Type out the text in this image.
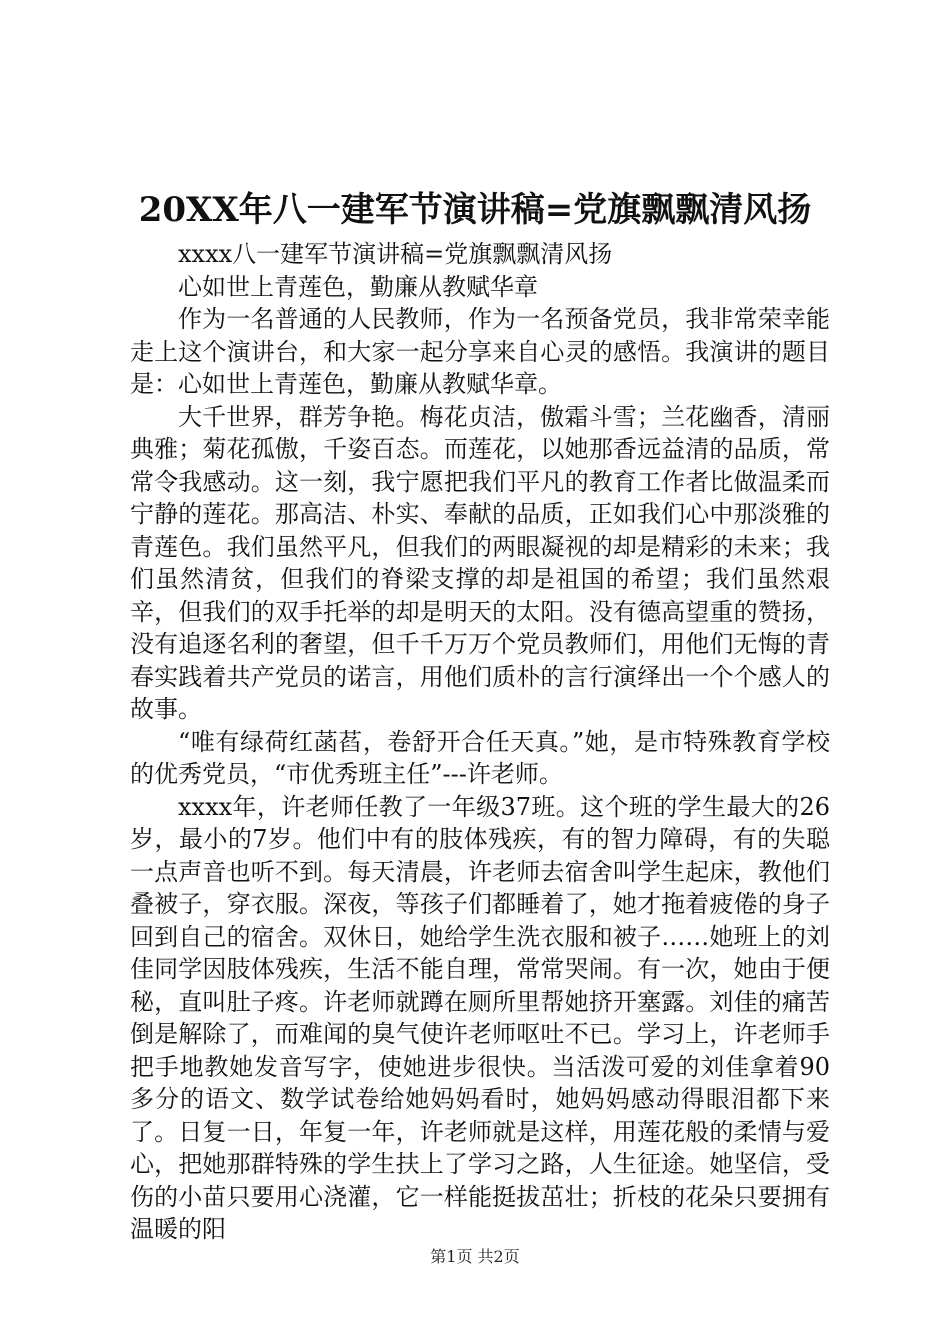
20XX年八一建军节演讲稿=党旗飘飘清风扬

xxxx八一建军节演讲稿=党旗飘飘清风扬

心如世上青莲色，勤廉从教赋华章

作为一名普通的人民教师，作为一名预备党员，我非常荣幸能走上这个演讲台，和大家一起分享来自心灵的感悟。我演讲的题目是：心如世上青莲色，勤廉从教赋华章。

大千世界，群芳争艳。梅花贞洁，傲霜斗雪；兰花幽香，清丽典雅；菊花孤傲，千姿百态。而莲花，以她那香远益清的品质，常常令我感动。这一刻，我宁愿把我们平凡的教育工作者比做温柔而宁静的莲花。那高洁、朴实、奉献的品质，正如我们心中那淡雅的青莲色。我们虽然平凡，但我们的两眼凝视的却是精彩的未来；我们虽然清贫，但我们的脊梁支撑的却是祖国的希望；我们虽然艰辛，但我们的双手托举的却是明天的太阳。没有德高望重的赞扬，没有追逐名利的奢望，但千千万万个党员教师们，用他们无悔的青春实践着共产党员的诺言，用他们质朴的言行演绎出一个个感人的故事。

“唯有绿荷红菡萏，卷舒开合任天真。”她，是市特殊教育学校的优秀党员，“市优秀班主任”---许老师。

xxxx年，许老师任教了一年级37班。这个班的学生最大的26岁，最小的7岁。他们中有的肢体残疾，有的智力障碍，有的失聪一点声音也听不到。每天清晨，许老师去宿舍叫学生起床，教他们叠被子，穿衣服。深夜，等孩子们都睡着了，她才拖着疲倦的身子回到自己的宿舍。双休日，她给学生洗衣服和被子……她班上的刘佳同学因肢体残疾，生活不能自理，常常哭闹。有一次，她由于便秘，直叫肚子疼。许老师就蹲在厕所里帮她挤开塞露。刘佳的痛苦倒是解除了，而难闻的臭气使许老师呕吐不已。学习上，许老师手把手地教她发音写字，使她进步很快。当活泼可爱的刘佳拿着90多分的语文、数学试卷给她妈妈看时，她妈妈感动得眼泪都下来了。日复一日，年复一年，许老师就是这样，用莲花般的柔情与爱心，把她那群特殊的学生扶上了学习之路，人生征途。她坚信，受伤的小苗只要用心浇灌，它一样能挺拔茁壮；折枝的花朵只要拥有温暖的阳

第1页 共2页
